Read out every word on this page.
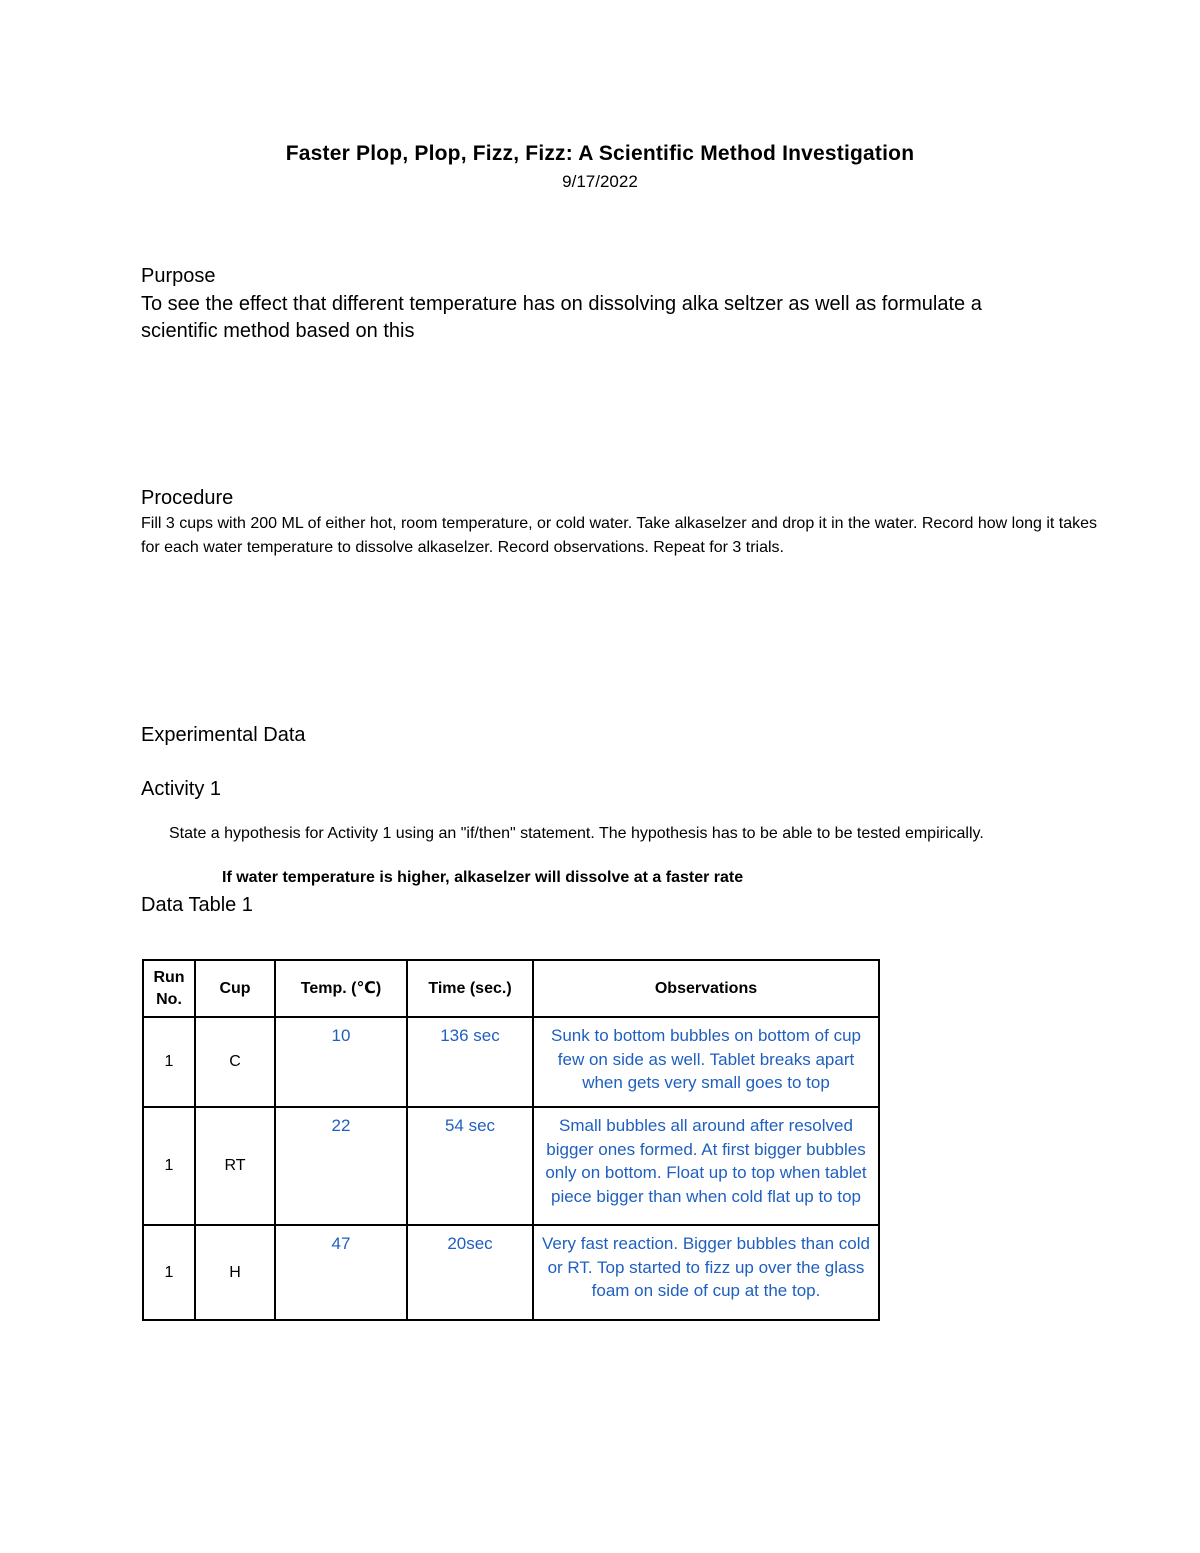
Faster Plop, Plop, Fizz, Fizz: A Scientific Method Investigation
9/17/2022
Purpose
To see the effect that different temperature has on dissolving alka seltzer as well as formulate a scientific method based on this
Procedure
Fill 3 cups with 200 ML of either hot, room temperature, or cold water. Take alkaselzer and drop it in the water. Record how long it takes for each water temperature to dissolve alkaselzer. Record observations. Repeat for 3 trials.
Experimental Data
Activity 1
State a hypothesis for Activity 1 using an "if/then" statement. The hypothesis has to be able to be tested empirically.
If water temperature is higher, alkaselzer will dissolve at a faster rate
Data Table 1
Run No.	Cup	Temp. (℃)	Time (sec.)	Observations
1	C	10	136 sec	Sunk to bottom bubbles on bottom of cup few on side as well. Tablet breaks apart when gets very small goes to top
1	RT	22	54 sec	Small bubbles all around after resolved bigger ones formed. At first bigger bubbles only on bottom. Float up to top when tablet piece bigger than when cold flat up to top
1	H	47	20sec	Very fast reaction. Bigger bubbles than cold or RT. Top started to fizz up over the glass foam on side of cup at the top.
